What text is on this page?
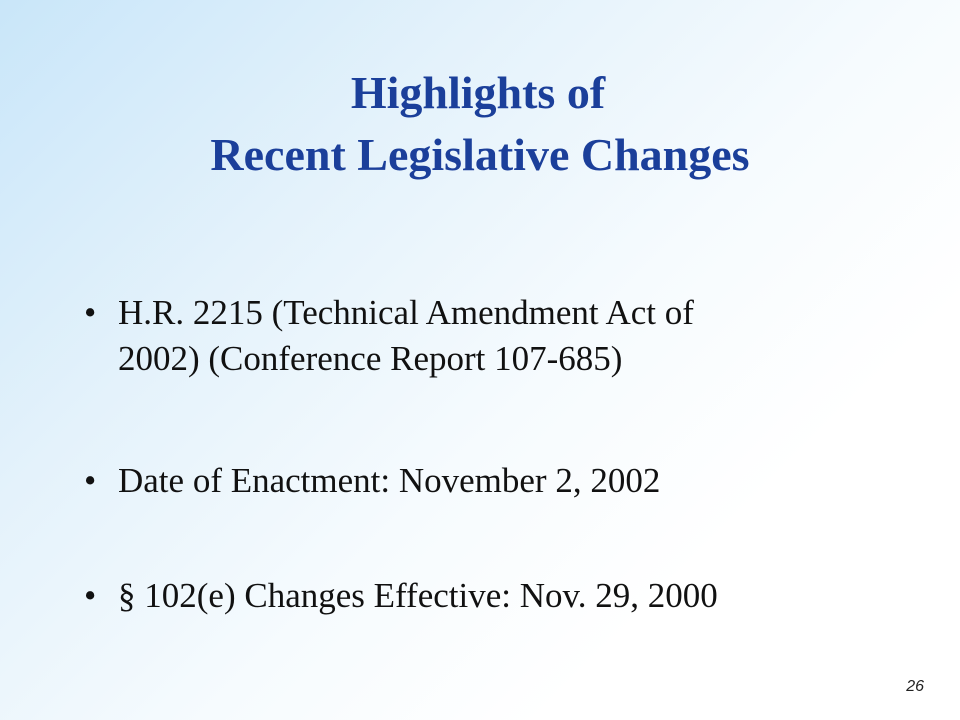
Highlights of
Recent Legislative Changes
• H.R. 2215 (Technical Amendment Act of
2002) (Conference Report 107-685)
• Date of Enactment: November 2, 2002
• § 102(e) Changes Effective: Nov. 29, 2000
26
